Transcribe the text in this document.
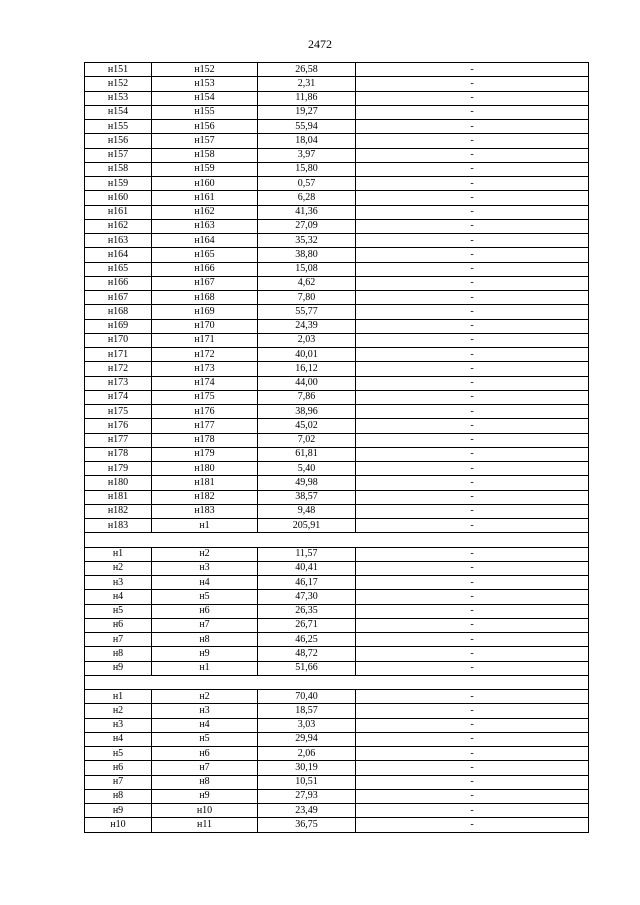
2472
н151	н152	26,58	-
н152	н153	2,31	-
н153	н154	11,86	-
н154	н155	19,27	-
н155	н156	55,94	-
н156	н157	18,04	-
н157	н158	3,97	-
н158	н159	15,80	-
н159	н160	0,57	-
н160	н161	6,28	-
н161	н162	41,36	-
н162	н163	27,09	-
н163	н164	35,32	-
н164	н165	38,80	-
н165	н166	15,08	-
н166	н167	4,62	-
н167	н168	7,80	-
н168	н169	55,77	-
н169	н170	24,39	-
н170	н171	2,03	-
н171	н172	40,01	-
н172	н173	16,12	-
н173	н174	44,00	-
н174	н175	7,86	-
н175	н176	38,96	-
н176	н177	45,02	-
н177	н178	7,02	-
н178	н179	61,81	-
н179	н180	5,40	-
н180	н181	49,98	-
н181	н182	38,57	-
н182	н183	9,48	-
н183	н1	205,91	-

н1	н2	11,57	-
н2	н3	40,41	-
н3	н4	46,17	-
н4	н5	47,30	-
н5	н6	26,35	-
н6	н7	26,71	-
н7	н8	46,25	-
н8	н9	48,72	-
н9	н1	51,66	-

н1	н2	70,40	-
н2	н3	18,57	-
н3	н4	3,03	-
н4	н5	29,94	-
н5	н6	2,06	-
н6	н7	30,19	-
н7	н8	10,51	-
н8	н9	27,93	-
н9	н10	23,49	-
н10	н11	36,75	-
